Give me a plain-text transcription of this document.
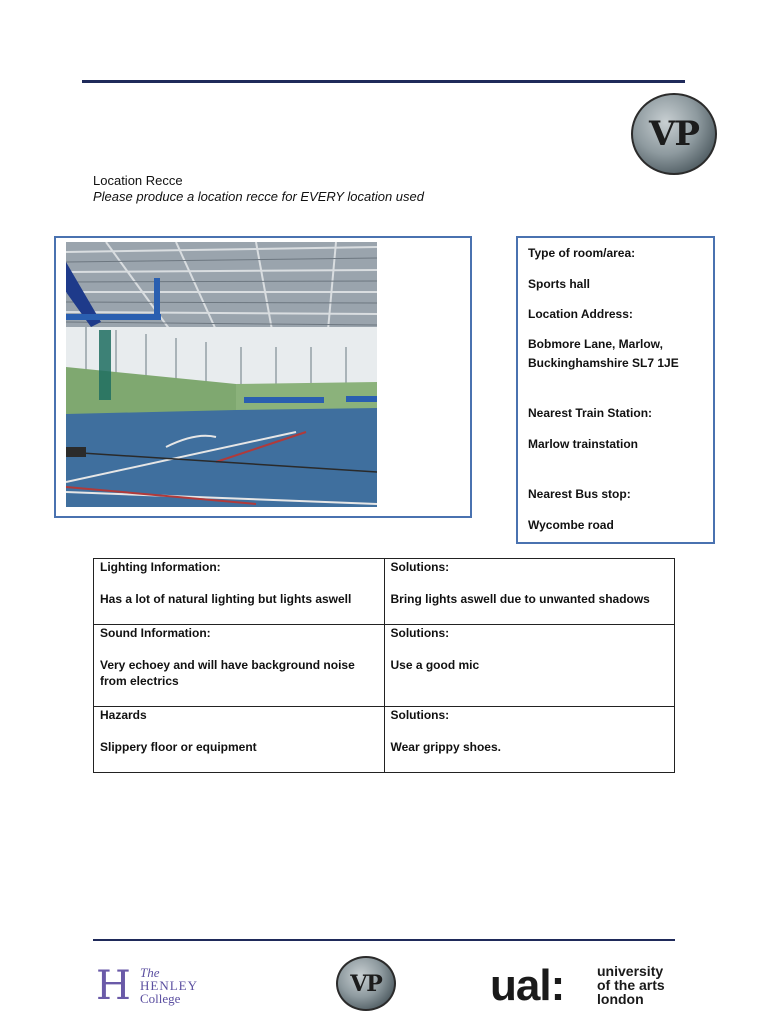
VP
Location Recce
Please produce a location recce for EVERY location used
Type of room/area:
Sports hall
Location Address:
Bobmore Lane, Marlow,
Buckinghamshire SL7 1JE
Nearest Train Station:
Marlow trainstation
Nearest Bus stop:
Wycombe road
Lighting Information:
Has a lot of natural lighting but lights aswell	Solutions:
Bring lights aswell due to unwanted shadows

Sound Information:
Very echoey and will have background noise from electrics	Solutions:
Use a good mic

Hazards
Slippery floor or equipment	Solutions:
Wear grippy shoes.
H The
HENLEY
College
VP ual: university
of the arts
london
